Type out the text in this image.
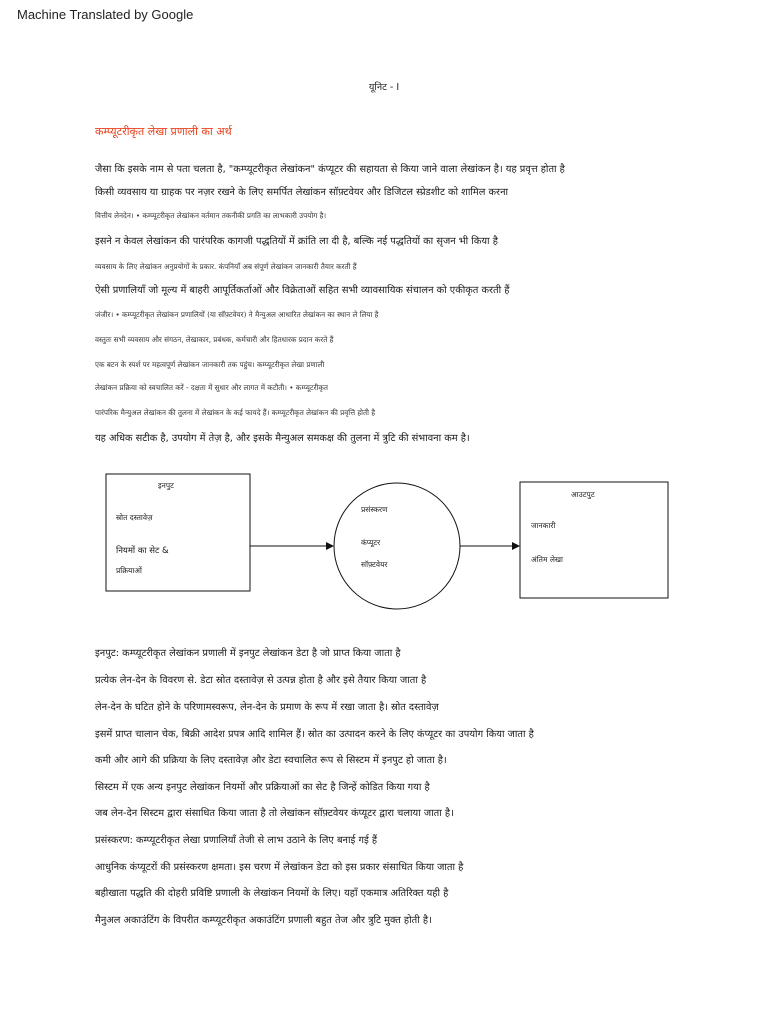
Machine Translated by Google
यूनिट - I
कम्प्यूटरीकृत लेखा प्रणाली का अर्थ
जैसा कि इसके नाम से पता चलता है, "कम्प्यूटरीकृत लेखांकन" कंप्यूटर की सहायता से किया जाने वाला लेखांकन है। यह प्रवृत्त होता है
किसी व्यवसाय या ग्राहक पर नज़र रखने के लिए समर्पित लेखांकन सॉफ़्टवेयर और डिजिटल स्प्रेडशीट को शामिल करना
वित्तीय लेनदेन। • कम्प्यूटरीकृत लेखांकन वर्तमान तकनीकी प्रगति का लाभकारी उपयोग है।
इसने न केवल लेखांकन की पारंपरिक कागजी पद्धतियों में क्रांति ला दी है, बल्कि नई पद्धतियों का सृजन भी किया है
व्यवसाय के लिए लेखांकन अनुप्रयोगों के प्रकार. कंपनियाँ अब संपूर्ण लेखांकन जानकारी तैयार करती हैं
ऐसी प्रणालियाँ जो मूल्य में बाहरी आपूर्तिकर्ताओं और विक्रेताओं सहित सभी व्यावसायिक संचालन को एकीकृत करती हैं
जंजीर। • कम्प्यूटरीकृत लेखांकन प्रणालियों (या सॉफ़्टवेयर) ने मैन्युअल आधारित लेखांकन का स्थान ले लिया है
वस्तुतः सभी व्यवसाय और संगठन, लेखाकार, प्रबंधक, कर्मचारी और हितधारक प्रदान करते हैं
एक बटन के स्पर्श पर महत्वपूर्ण लेखांकन जानकारी तक पहुंच। कम्प्यूटरीकृत लेखा प्रणाली
लेखांकन प्रक्रिया को स्वचालित करें - दक्षता में सुधार और लागत में कटौती। • कम्प्यूटरीकृत
पारंपरिक मैन्युअल लेखांकन की तुलना में लेखांकन के कई फायदे हैं। कम्प्यूटरीकृत लेखांकन की प्रवृत्ति होती है
यह अधिक सटीक है, उपयोग में तेज़ है, और इसके मैन्युअल समकक्ष की तुलना में त्रुटि की संभावना कम है।
इनपुट
स्रोत दस्तावेज़
नियमों का सेट &
प्रक्रियाओं
प्रसंस्करण
कंप्यूटर
सॉफ़्टवेयर
आउटपुट
जानकारी
अंतिम लेखा
इनपुट: कम्प्यूटरीकृत लेखांकन प्रणाली में इनपुट लेखांकन डेटा है जो प्राप्त किया जाता है
प्रत्येक लेन-देन के विवरण से. डेटा स्रोत दस्तावेज़ से उत्पन्न होता है और इसे तैयार किया जाता है
लेन-देन के घटित होने के परिणामस्वरूप, लेन-देन के प्रमाण के रूप में रखा जाता है। स्रोत दस्तावेज़
इसमें प्राप्त चालान चेक, बिक्री आदेश प्रपत्र आदि शामिल हैं। स्रोत का उत्पादन करने के लिए कंप्यूटर का उपयोग किया जाता है
कमी और आगे की प्रक्रिया के लिए दस्तावेज़ और डेटा स्वचालित रूप से सिस्टम में इनपुट हो जाता है।
सिस्टम में एक अन्य इनपुट लेखांकन नियमों और प्रक्रियाओं का सेट है जिन्हें कोडित किया गया है
जब लेन-देन सिस्टम द्वारा संसाधित किया जाता है तो लेखांकन सॉफ़्टवेयर कंप्यूटर द्वारा चलाया जाता है।
प्रसंस्करण: कम्प्यूटरीकृत लेखा प्रणालियाँ तेजी से लाभ उठाने के लिए बनाई गई हैं
आधुनिक कंप्यूटरों की प्रसंस्करण क्षमता। इस चरण में लेखांकन डेटा को इस प्रकार संसाधित किया जाता है
बहीखाता पद्धति की दोहरी प्रविष्टि प्रणाली के लेखांकन नियमों के लिए। यहाँ एकमात्र अतिरिक्त यही है
मैनुअल अकाउंटिंग के विपरीत कम्प्यूटरीकृत अकाउंटिंग प्रणाली बहुत तेज और त्रुटि मुक्त होती है।
